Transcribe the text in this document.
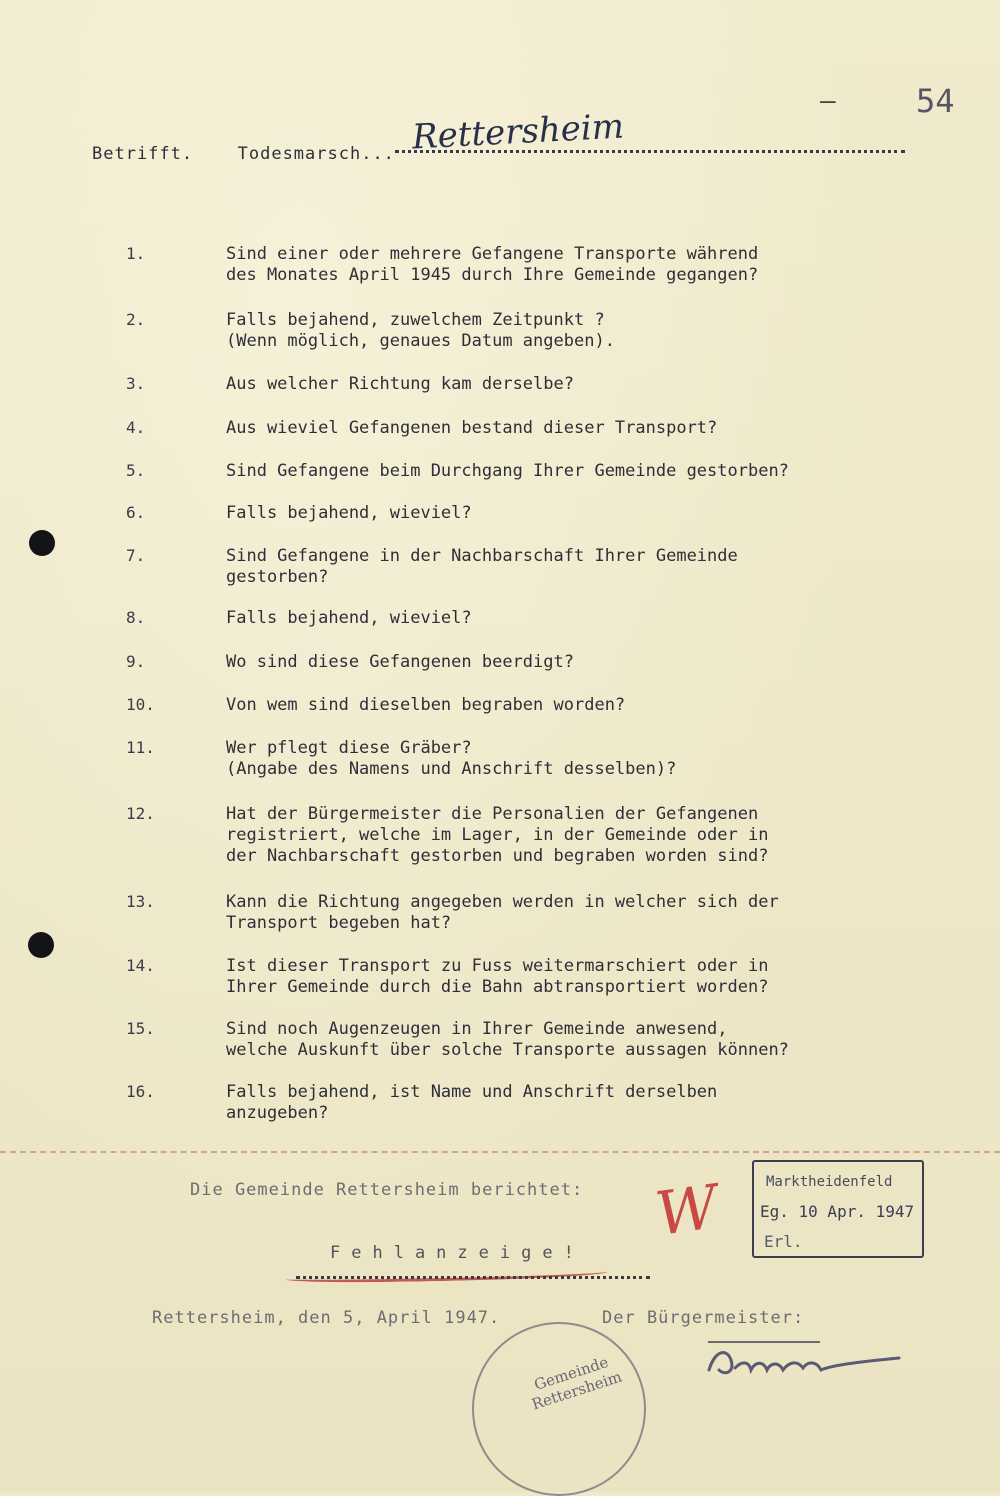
–	54
Betrifft.	Todesmarsch... Rettersheim
1.	Sind einer oder mehrere Gefangene Transporte während
des Monates April 1945 durch Ihre Gemeinde gegangen?
2.	Falls bejahend, zuwelchem Zeitpunkt ?
(Wenn möglich, genaues Datum angeben).
3.	Aus welcher Richtung kam derselbe?
4.	Aus wieviel Gefangenen bestand dieser Transport?
5.	Sind Gefangene beim Durchgang Ihrer Gemeinde gestorben?
6.	Falls bejahend, wieviel?
7.	Sind Gefangene in der Nachbarschaft Ihrer Gemeinde
gestorben?
8.	Falls bejahend, wieviel?
9.	Wo sind diese Gefangenen beerdigt?
10.	Von wem sind dieselben begraben worden?
11.	Wer pflegt diese Gräber?
(Angabe des Namens und Anschrift desselben)?
12.	Hat der Bürgermeister die Personalien der Gefangenen
registriert, welche im Lager, in der Gemeinde oder in
der Nachbarschaft gestorben und begraben worden sind?
13.	Kann die Richtung angegeben werden in welcher sich der
Transport begeben hat?
14.	Ist dieser Transport zu Fuss weitermarschiert oder in
Ihrer Gemeinde durch die Bahn abtransportiert worden?
15.	Sind noch Augenzeugen in Ihrer Gemeinde anwesend,
welche Auskunft über solche Transporte aussagen können?
16.	Falls bejahend, ist Name und Anschrift derselben
anzugeben?
Die Gemeinde Rettersheim berichtet:
Fehlanzeige!
W	Marktheidenfeld
Eg. 10 Apr. 1947
Erl.
Rettersheim, den 5, April 1947.	Der Bürgermeister:
Gemeinde Rettersheim
